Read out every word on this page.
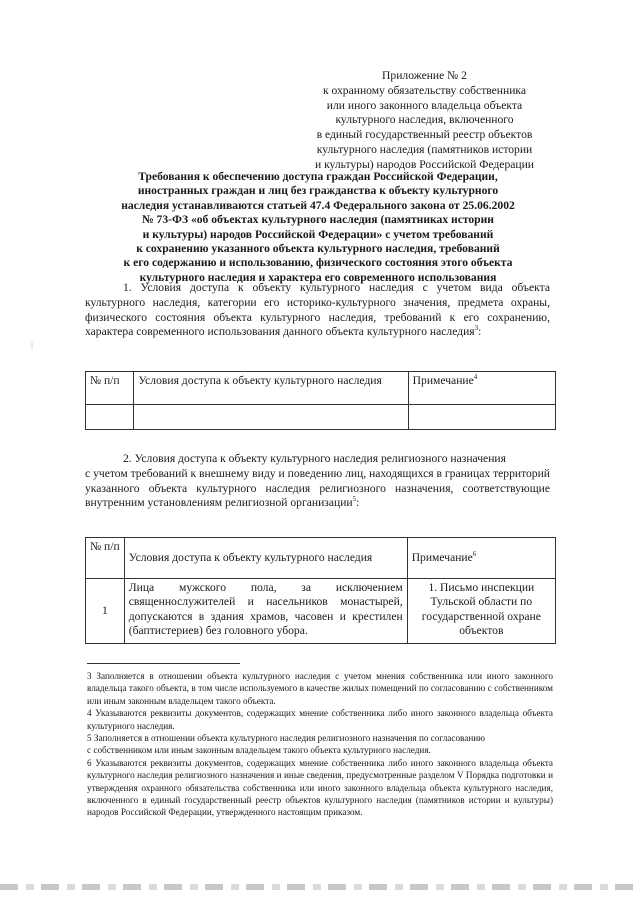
Приложение № 2
к охранному обязательству собственника
или иного законного владельца объекта
культурного наследия, включенного
в единый государственный реестр объектов
культурного наследия (памятников истории
и культуры) народов Российской Федерации
Требования к обеспечению доступа граждан Российской Федерации,
иностранных граждан и лиц без гражданства к объекту культурного
наследия устанавливаются статьей 47.4 Федерального закона от 25.06.2002
№ 73-ФЗ «об объектах культурного наследия (памятниках истории
и культуры) народов Российской Федерации» с учетом требований
к сохранению указанного объекта культурного наследия, требований
к его содержанию и использованию, физического состояния этого объекта
культурного наследия и характера его современного использования
1. Условия доступа к объекту культурного наследия с учетом вида объекта культурного наследия, категории его историко-культурного значения, предмета охраны, физического состояния объекта культурного наследия, требований к его сохранению, характера современного использования данного объекта культурного наследия$^3$:
⋮
№ п/п	Условия доступа к объекту культурного наследия	Примечание$^4$

2. Условия доступа к объекту культурного наследия религиозного назначения
с учетом требований к внешнему виду и поведению лиц, находящихся в границах территорий указанного объекта культурного наследия религиозного назначения, соответствующие внутренним установлениям религиозной организации$^5$:
№ п/п	Условия доступа к объекту культурного наследия	Примечание$^6$
1	Лица мужского пола, за исключением священнослужителей и насельников монастырей, допускаются в здания храмов, часовен и крестилен (баптистериев) без головного убора.	1. Письмо инспекции Тульской области по государственной охране объектов

3 Заполняется в отношении объекта культурного наследия с учетом мнения собственника или иного законного владельца такого объекта, в том числе используемого в качестве жилых помещений по согласованию с собственником или иным законным владельцем такого объекта.

4 Указываются реквизиты документов, содержащих мнение собственника либо иного законного владельца объекта культурного наследия.

5 Заполняется в отношении объекта культурного наследия религиозного назначения по согласованию

с собственником или иным законным владельцем такого объекта культурного наследия.

6 Указываются реквизиты документов, содержащих мнение собственника либо иного законного владельца объекта культурного наследия религиозного назначения и иные сведения, предусмотренные разделом V Порядка подготовки и утверждения охранного обязательства собственника или иного законного владельца объекта культурного наследия, включенного в единый государственный реестр объектов культурного наследия (памятников истории и культуры) народов Российской Федерации, утвержденного настоящим приказом.
